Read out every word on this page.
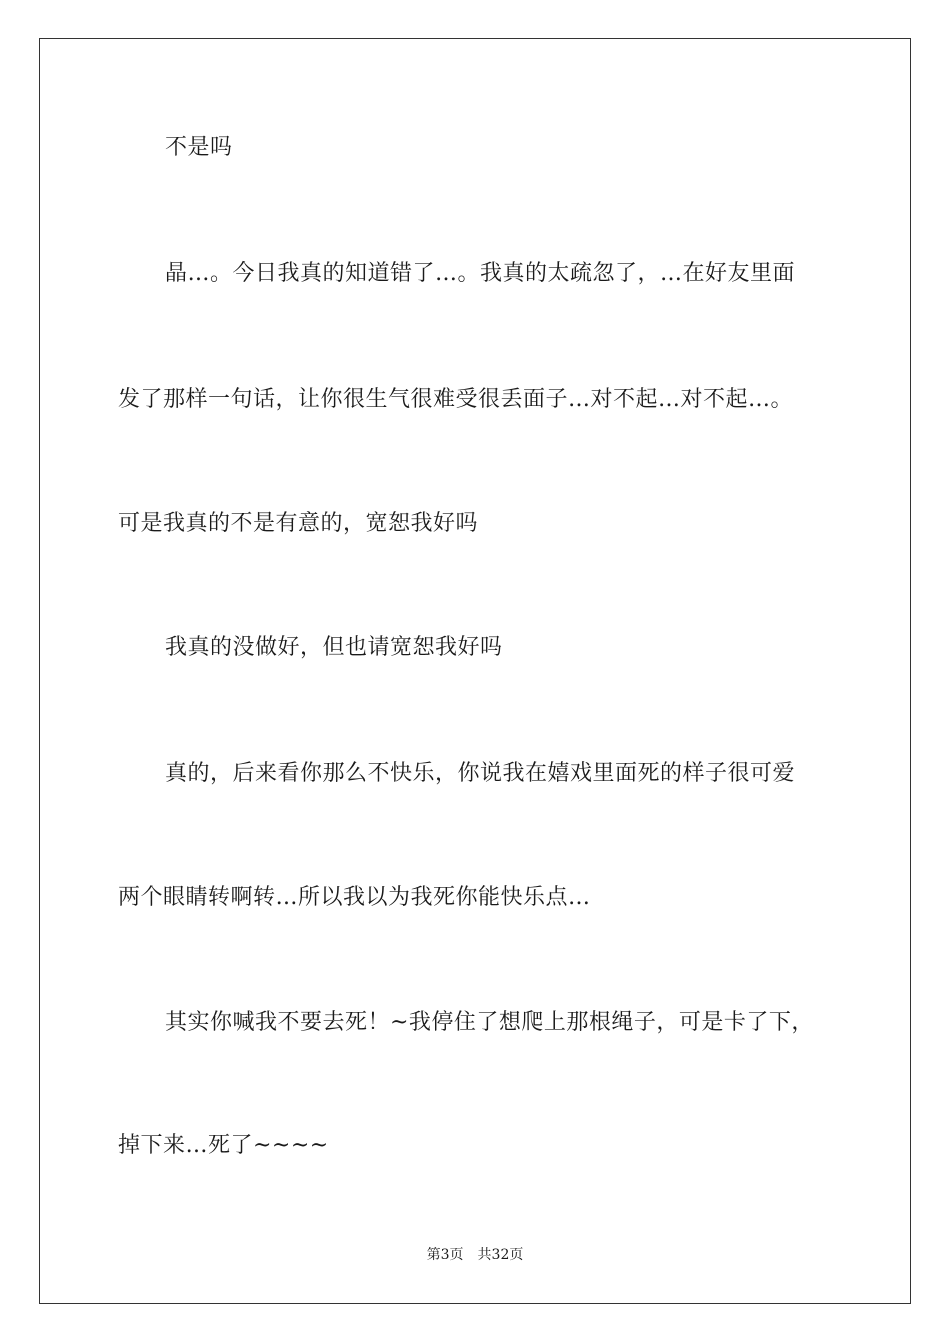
不是吗
晶…。今日我真的知道错了…。我真的太疏忽了，…在好友里面
发了那样一句话，让你很生气很难受很丢面子…对不起…对不起…。
可是我真的不是有意的，宽恕我好吗
我真的没做好，但也请宽恕我好吗
真的，后来看你那么不快乐，你说我在嬉戏里面死的样子很可爱
两个眼睛转啊转…所以我以为我死你能快乐点…
其实你喊我不要去死！~我停住了想爬上那根绳子，可是卡了下，
掉下来…死了~~~~
第3页 共32页
